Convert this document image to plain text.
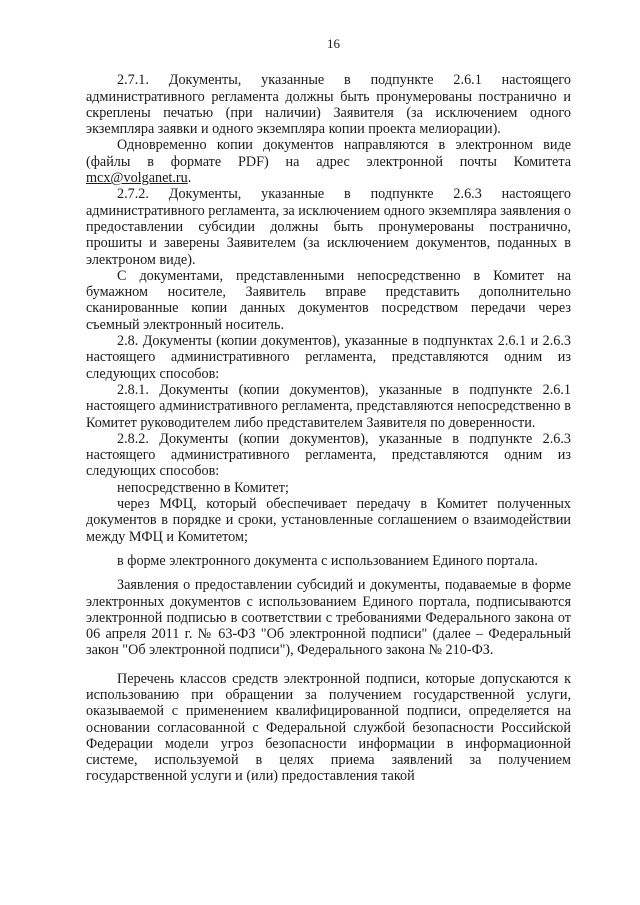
16

2.7.1. Документы, указанные в подпункте 2.6.1 настоящего административного регламента должны быть пронумерованы постранично и скреплены печатью (при наличии) Заявителя (за исключением одного экземпляра заявки и одного экземпляра копии проекта мелиорации).

Одновременно копии документов направляются в электронном виде (файлы в формате PDF) на адрес электронной почты Комитета mcx@volganet.ru.

2.7.2. Документы, указанные в подпункте 2.6.3 настоящего административного регламента, за исключением одного экземпляра заявления о предоставлении субсидии должны быть пронумерованы постранично, прошиты и заверены Заявителем (за исключением документов, поданных в электроном виде).

С документами, представленными непосредственно в Комитет на бумажном носителе, Заявитель вправе представить дополнительно сканированные копии данных документов посредством передачи через съемный электронный носитель.

2.8. Документы (копии документов), указанные в подпунктах 2.6.1 и 2.6.3 настоящего административного регламента, представляются одним из следующих способов:

2.8.1. Документы (копии документов), указанные в подпункте 2.6.1 настоящего административного регламента, представляются непосредственно в Комитет руководителем либо представителем Заявителя по доверенности.

2.8.2. Документы (копии документов), указанные в подпункте 2.6.3 настоящего административного регламента, представляются одним из следующих способов:

непосредственно в Комитет;

через МФЦ, который обеспечивает передачу в Комитет полученных документов в порядке и сроки, установленные соглашением о взаимодействии между МФЦ и Комитетом;

в форме электронного документа с использованием Единого портала.

Заявления о предоставлении субсидий и документы, подаваемые в форме электронных документов с использованием Единого портала, подписываются электронной подписью в соответствии с требованиями Федерального закона от 06 апреля 2011 г. № 63-ФЗ "Об электронной подписи" (далее – Федеральный закон "Об электронной подписи"), Федерального закона № 210-ФЗ.

Перечень классов средств электронной подписи, которые допускаются к использованию при обращении за получением государственной услуги, оказываемой с применением квалифицированной подписи, определяется на основании согласованной с Федеральной службой безопасности Российской Федерации модели угроз безопасности информации в информационной системе, используемой в целях приема заявлений за получением государственной услуги и (или) предоставления такой
